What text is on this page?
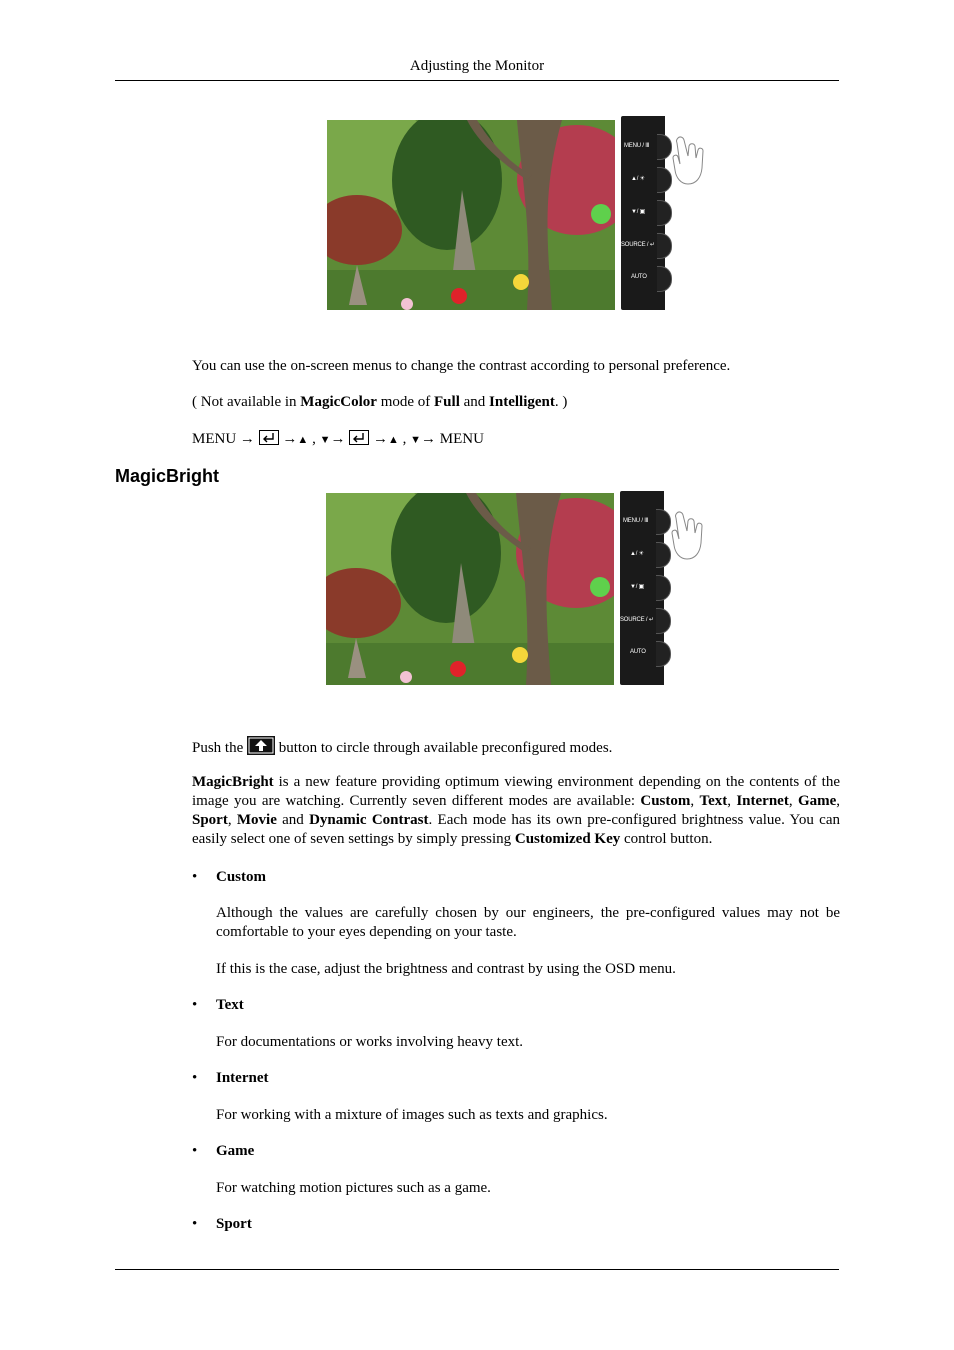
Adjusting the Monitor
MENU / Ⅲ
▲/ ☀
▼/ ▣
SOURCE / ↵
AUTO

You can use the on-screen menus to change the contrast according to personal preference.

( Not available in MagicColor mode of Full and Intelligent. )

MENU → →▲ , ▼→ →▲ , ▼→ MENU

MagicBright
MENU / Ⅲ
▲/ ☀
▼/ ▣
SOURCE / ↵
AUTO

Push the button to circle through available preconfigured modes.

MagicBright is a new feature providing optimum viewing environment depending on the contents of the image you are watching. Currently seven different modes are available: Custom, Text, Internet, Game, Sport, Movie and Dynamic Contrast. Each mode has its own pre-configured brightness value. You can easily select one of seven settings by simply pressing Customized Key control button.

• Custom

Although the values are carefully chosen by our engineers, the pre-configured values may not be comfortable to your eyes depending on your taste.

If this is the case, adjust the brightness and contrast by using the OSD menu.

• Text

For documentations or works involving heavy text.

• Internet

For working with a mixture of images such as texts and graphics.

• Game

For watching motion pictures such as a game.

• Sport
